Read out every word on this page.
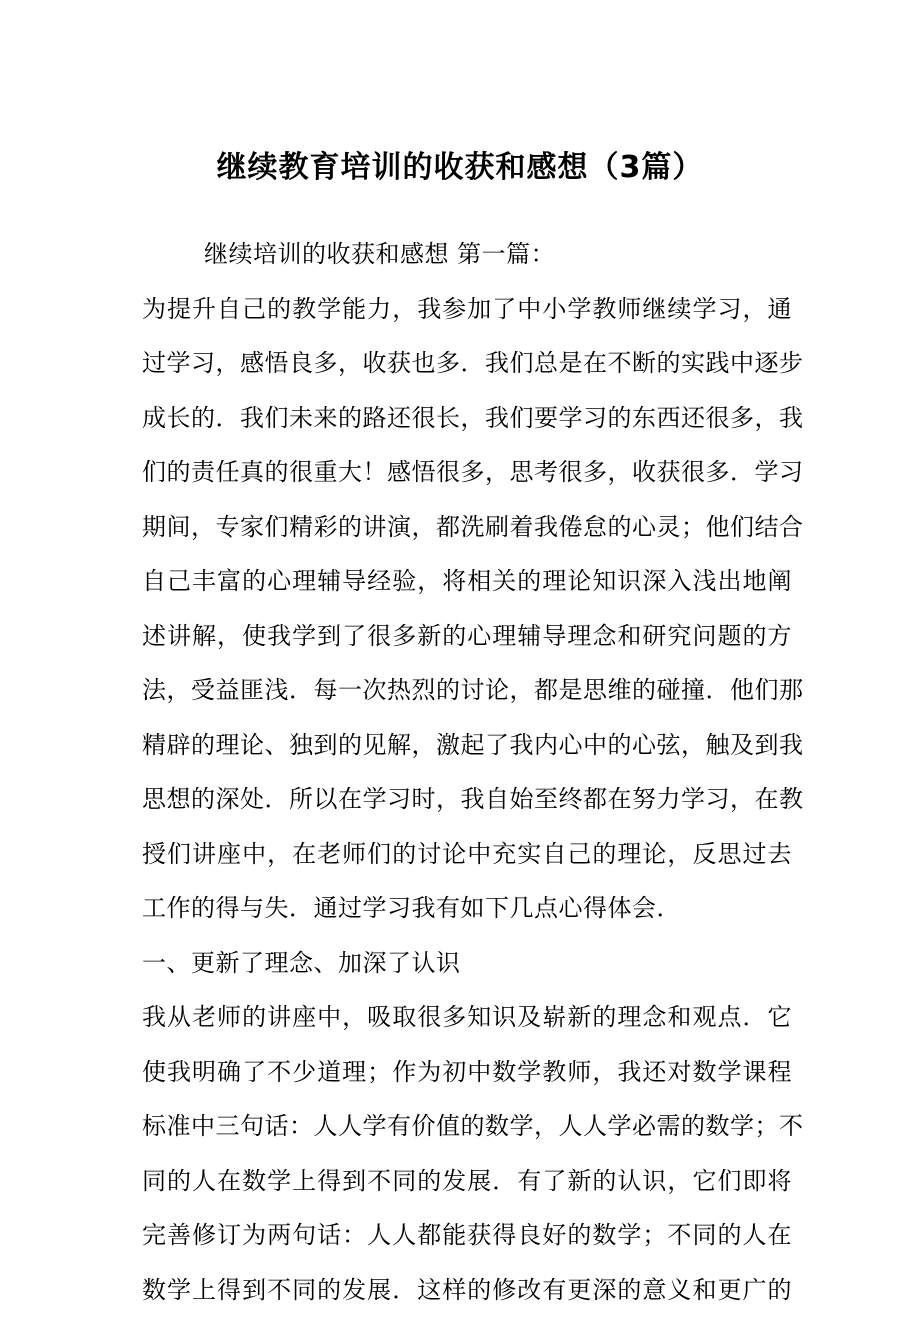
继续教育培训的收获和感想（3篇）
继续培训的收获和感想 第一篇：
为提升自己的教学能力，我参加了中小学教师继续学习，通
过学习，感悟良多，收获也多．我们总是在不断的实践中逐步
成长的．我们未来的路还很长，我们要学习的东西还很多，我
们的责任真的很重大！感悟很多，思考很多，收获很多．学习
期间，专家们精彩的讲演，都洗刷着我倦怠的心灵；他们结合
自己丰富的心理辅导经验，将相关的理论知识深入浅出地阐
述讲解，使我学到了很多新的心理辅导理念和研究问题的方
法，受益匪浅．每一次热烈的讨论，都是思维的碰撞．他们那
精辟的理论、独到的见解，激起了我内心中的心弦，触及到我
思想的深处．所以在学习时，我自始至终都在努力学习，在教
授们讲座中，在老师们的讨论中充实自己的理论，反思过去
工作的得与失．通过学习我有如下几点心得体会．
一、更新了理念、加深了认识
我从老师的讲座中，吸取很多知识及崭新的理念和观点．它
使我明确了不少道理；作为初中数学教师，我还对数学课程
标准中三句话：人人学有价值的数学，人人学必需的数学；不
同的人在数学上得到不同的发展．有了新的认识，它们即将
完善修订为两句话：人人都能获得良好的数学；不同的人在
数学上得到不同的发展．这样的修改有更深的意义和更广的
